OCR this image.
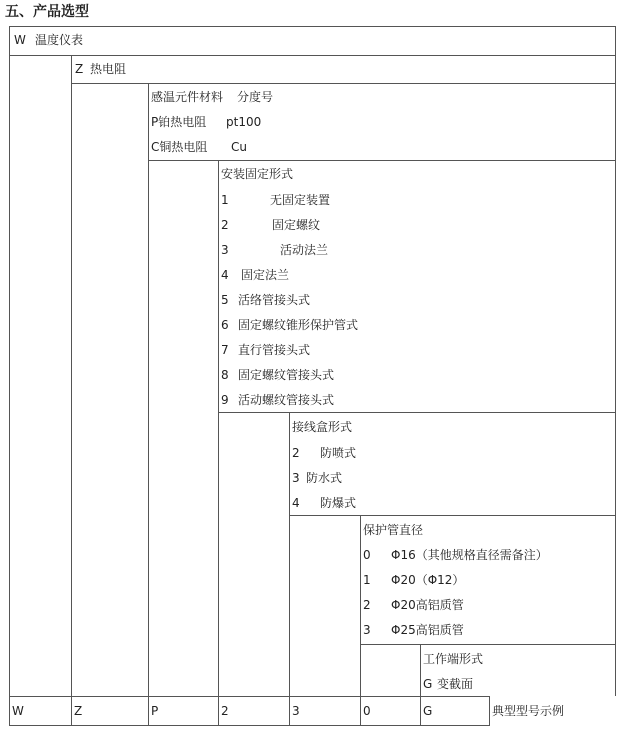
五、产品选型
W 温度仪表
Z 热电阻
感温元件材料 分度号
P铂热电阻 pt100
C铜热电阻 Cu
安装固定形式
1	无固定装置
2	固定螺纹
3	活动法兰
4 固定法兰
5 活络管接头式
6 固定螺纹锥形保护管式
7 直行管接头式
8 固定螺纹管接头式
9 活动螺纹管接头式
接线盒形式
2 防喷式
3 防水式
4 防爆式
保护管直径
0 Φ16（其他规格直径需备注）
1 Φ20（Φ12）
2 Φ20高铝质管
3 Φ25高铝质管
工作端形式
G 变截面
W	Z	P	2	3	0	G	典型型号示例
